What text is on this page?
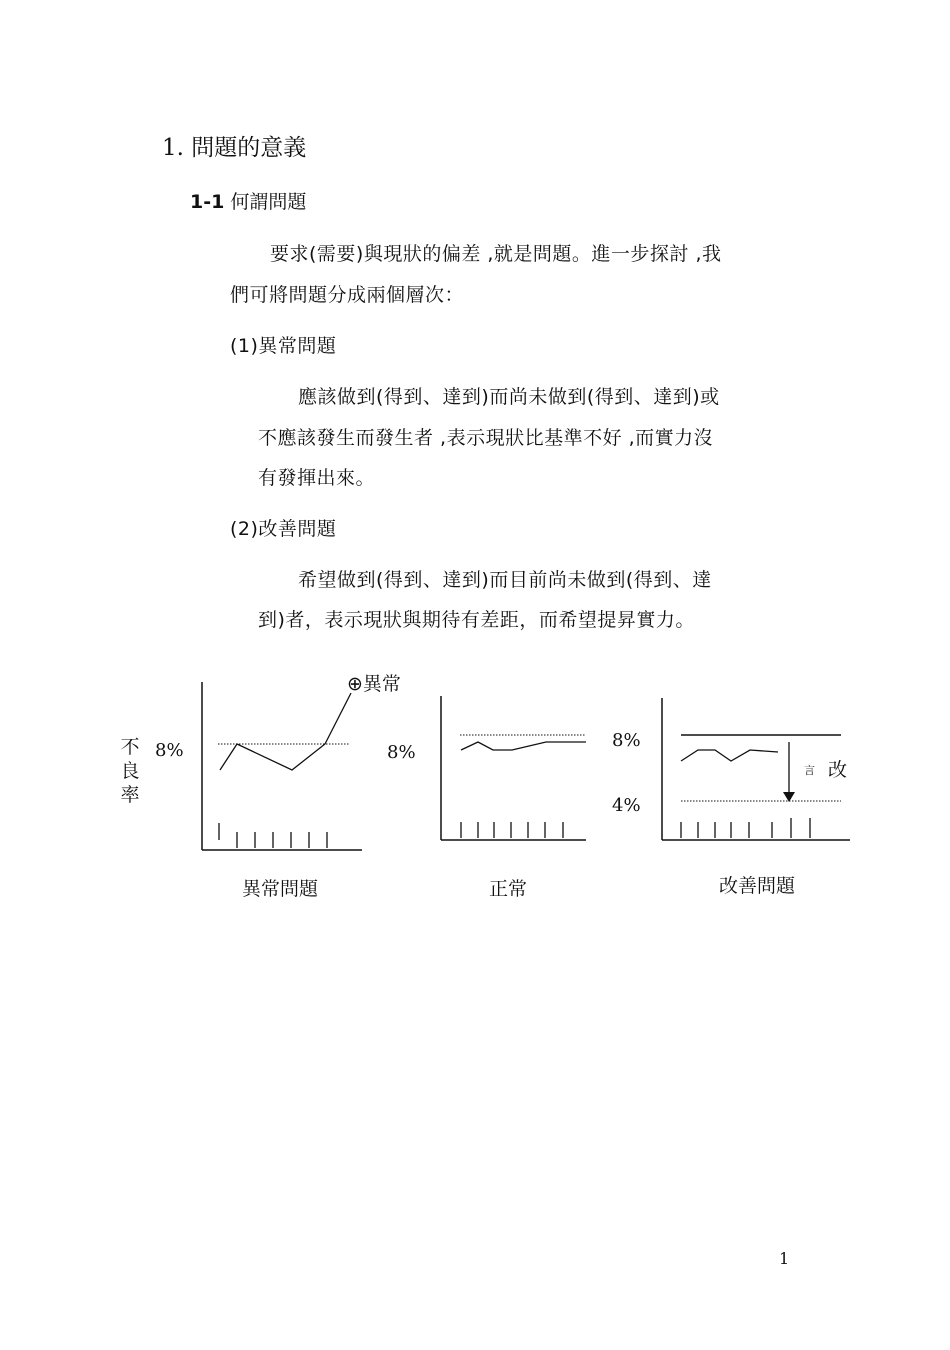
1. 問題的意義
1-1 何謂問題
要求(需要)與現狀的偏差 ,就是問題。進一步探討 ,我
們可將問題分成兩個層次：
(1)異常問題
應該做到(得到、達到)而尚未做到(得到、達到)或
不應該發生而發生者 ,表示現狀比基準不好 ,而實力沒
有發揮出來。
(2)改善問題
希望做到(得到、達到)而目前尚未做到(得到、達
到)者，表示現狀與期待有差距，而希望提昇實力。
不
良
率
8%
⊕異常
異常問題
8%
正常
8%
4%
言 改
改善問題
1
